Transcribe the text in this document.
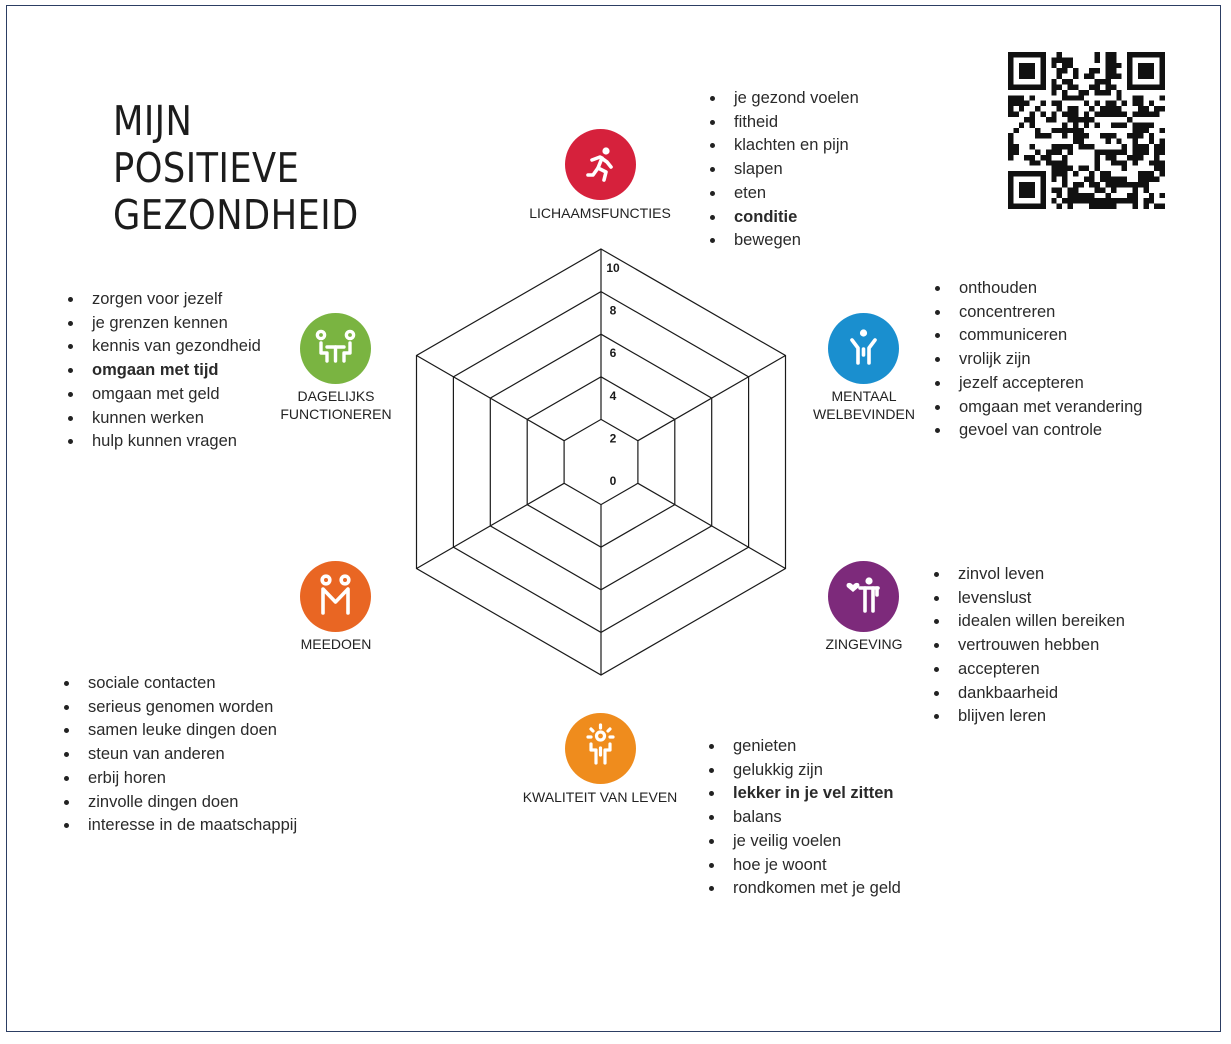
MIJN
POSITIEVE
GEZONDHEID
10
8
6
4
2
0
LICHAAMSFUNCTIES
je gezond voelen
fitheid
klachten en pijn
slapen
eten
conditie
bewegen
MENTAAL
WELBEVINDEN
onthouden
concentreren
communiceren
vrolijk zijn
jezelf accepteren
omgaan met verandering
gevoel van controle
ZINGEVING
zinvol leven
levenslust
idealen willen bereiken
vertrouwen hebben
accepteren
dankbaarheid
blijven leren
KWALITEIT VAN LEVEN
genieten
gelukkig zijn
lekker in je vel zitten
balans
je veilig voelen
hoe je woont
rondkomen met je geld
MEEDOEN
sociale contacten
serieus genomen worden
samen leuke dingen doen
steun van anderen
erbij horen
zinvolle dingen doen
interesse in de maatschappij
DAGELIJKS
FUNCTIONEREN
zorgen voor jezelf
je grenzen kennen
kennis van gezondheid
omgaan met tijd
omgaan met geld
kunnen werken
hulp kunnen vragen
